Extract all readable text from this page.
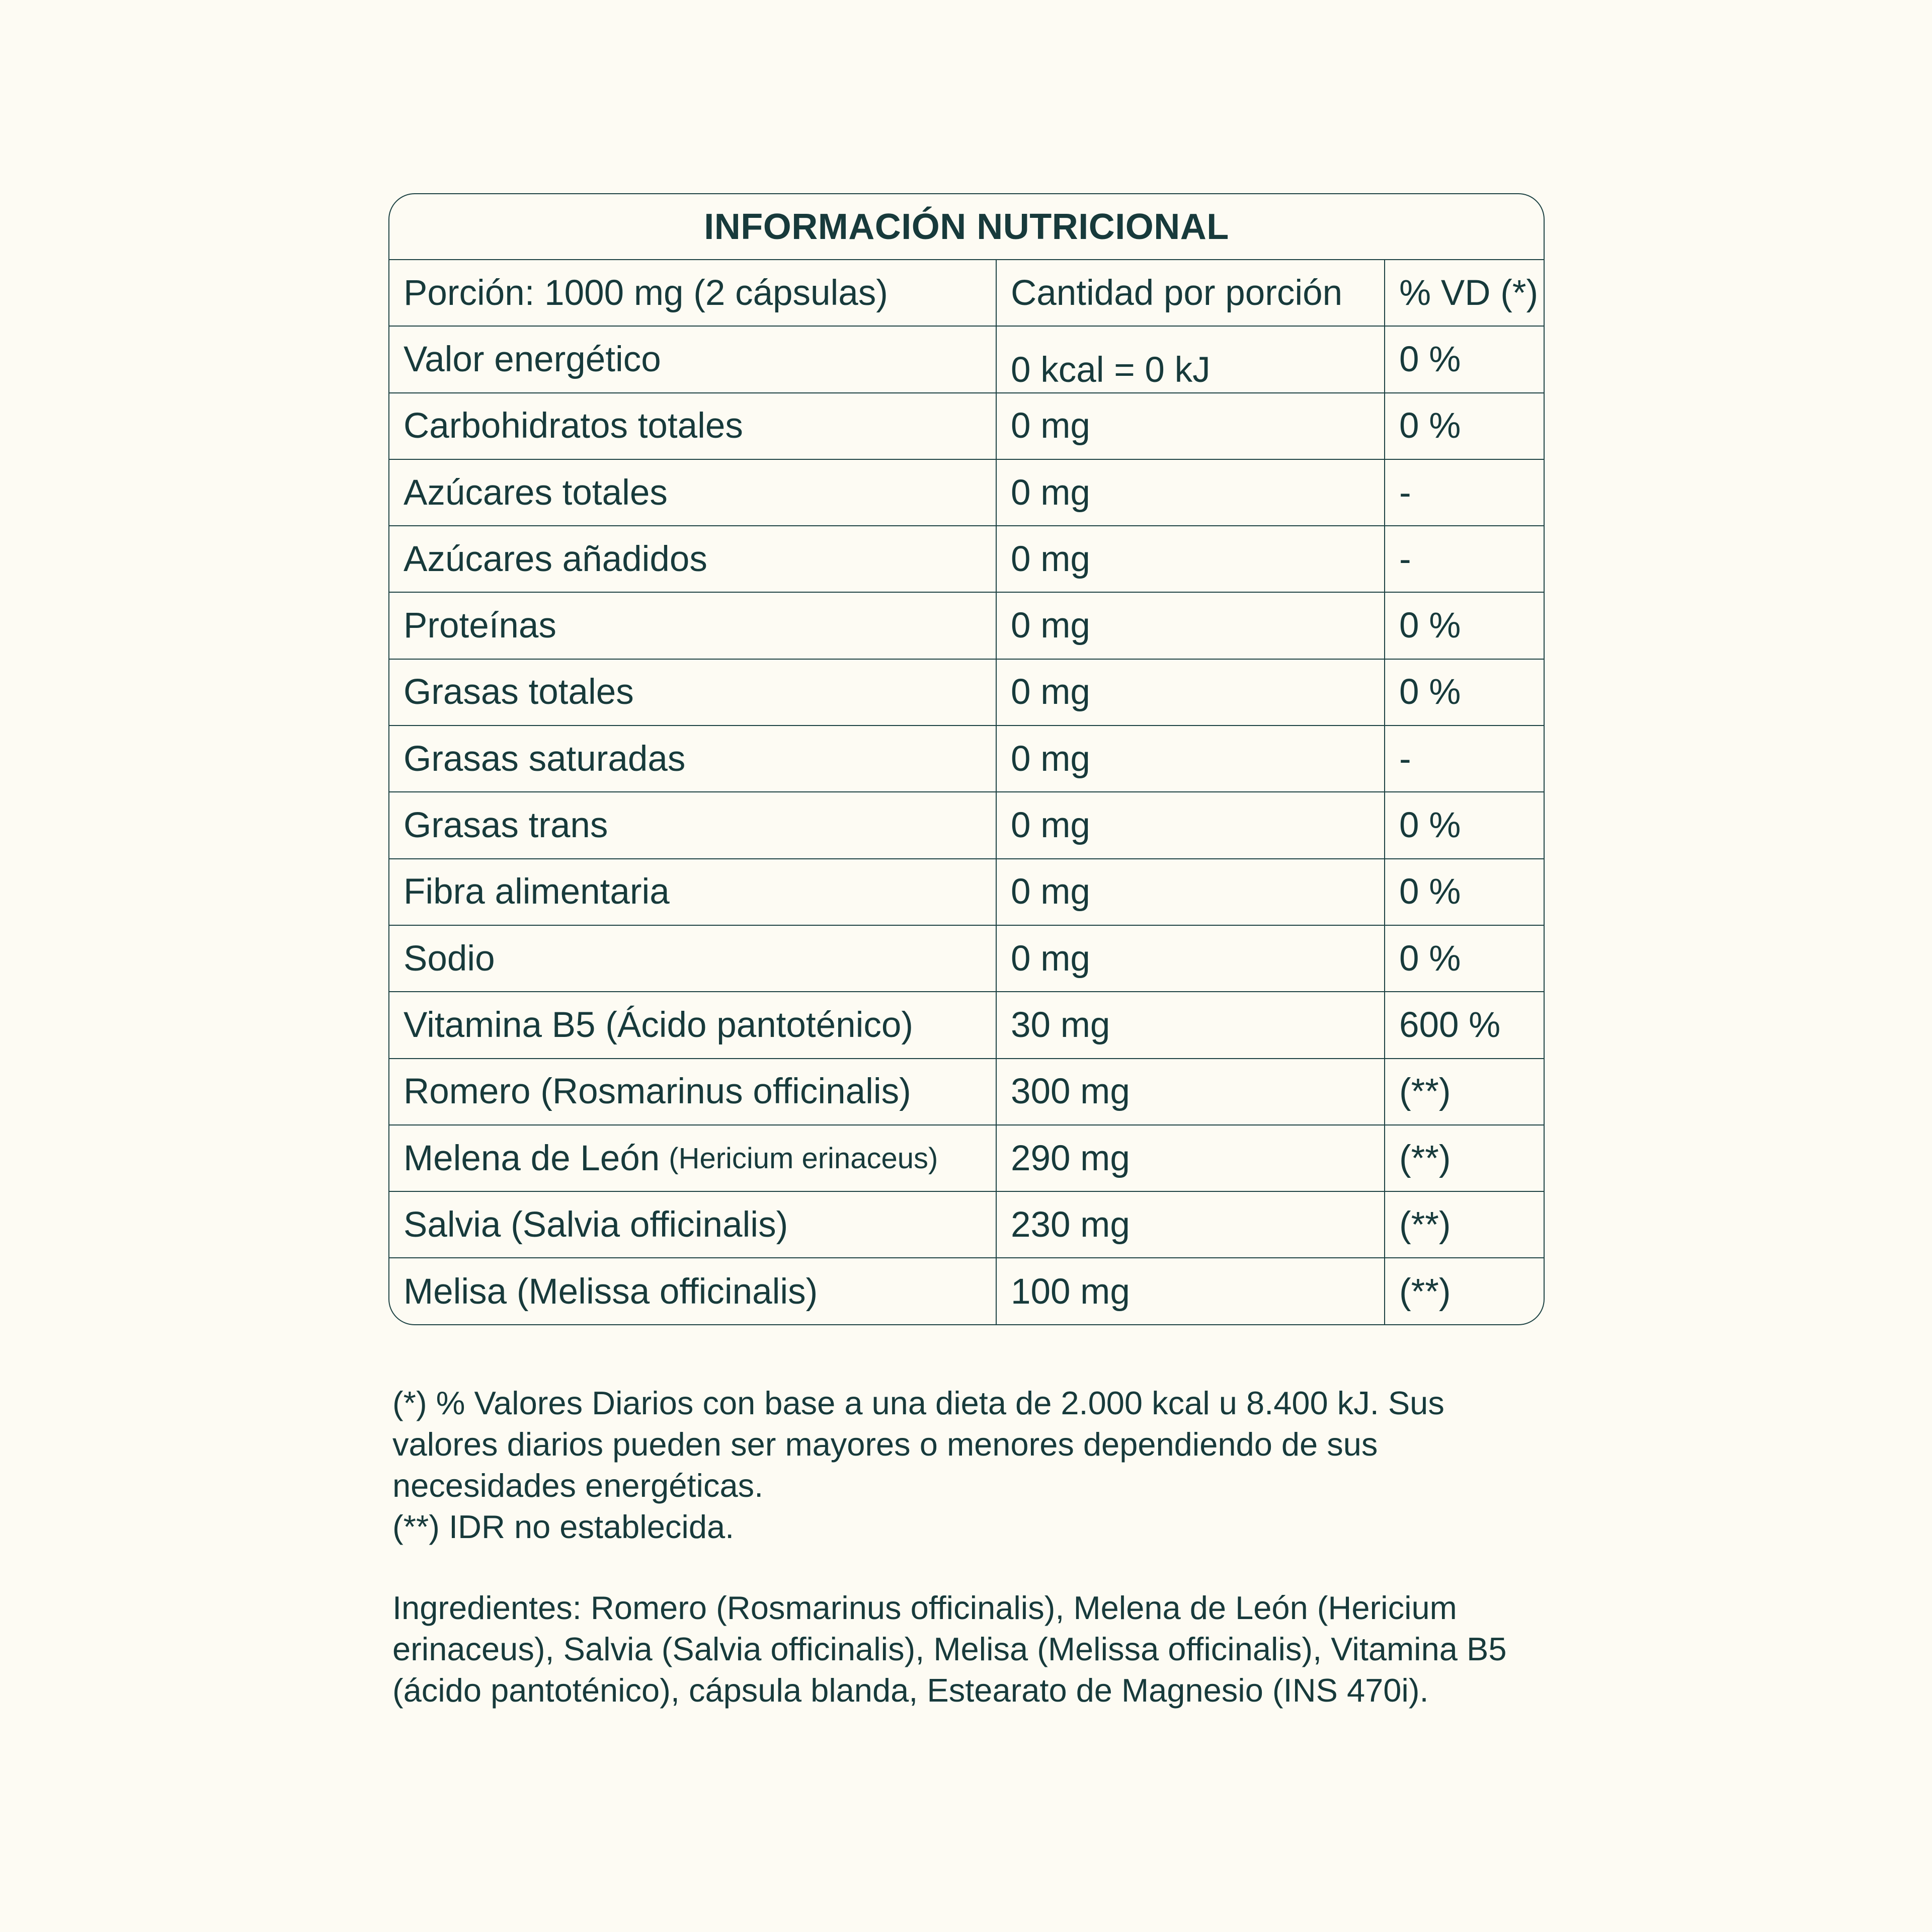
INFORMACIÓN NUTRICIONAL
Porción: 1000 mg (2 cápsulas)	Cantidad por porción	% VD (*)
Valor energético	0 kcal = 0 kJ	0 %
Carbohidratos totales	0 mg	0 %
Azúcares totales	0 mg	-
Azúcares añadidos	0 mg	-
Proteínas	0 mg	0 %
Grasas totales	0 mg	0 %
Grasas saturadas	0 mg	-
Grasas trans	0 mg	0 %
Fibra alimentaria	0 mg	0 %
Sodio	0 mg	0 %
Vitamina B5 (Ácido pantoténico)	30 mg	600 %
Romero (Rosmarinus officinalis)	300 mg	(**)
Melena de León (Hericium erinaceus)	290 mg	(**)
Salvia (Salvia officinalis)	230 mg	(**)
Melisa (Melissa officinalis)	100 mg	(**)

(*) % Valores Diarios con base a una dieta de 2.000 kcal u 8.400 kJ. Sus

valores diarios pueden ser mayores o menores dependiendo de sus

necesidades energéticas.

(**) IDR no establecida.

Ingredientes: Romero (Rosmarinus officinalis), Melena de León (Hericium

erinaceus), Salvia (Salvia officinalis), Melisa (Melissa officinalis), Vitamina B5

(ácido pantoténico), cápsula blanda, Estearato de Magnesio (INS 470i).
